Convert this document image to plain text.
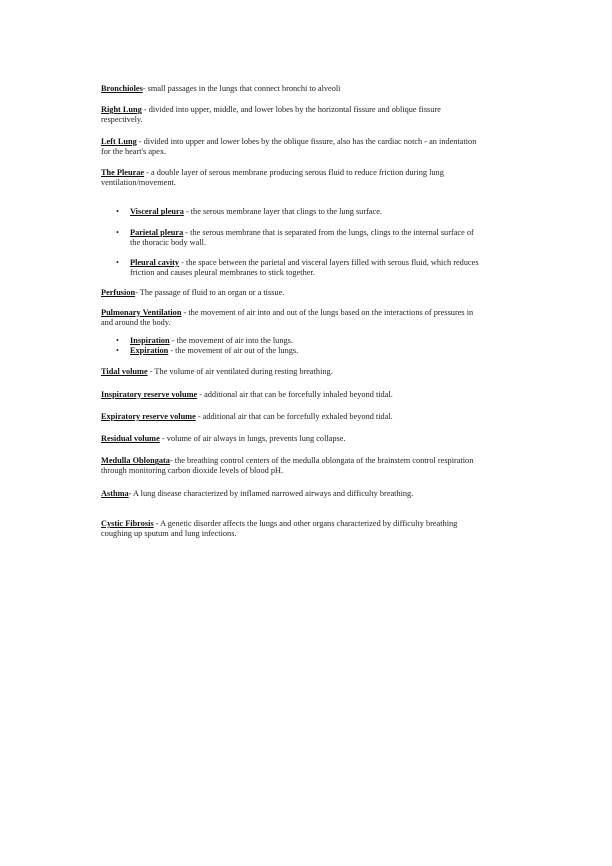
Bronchioles- small passages in the lungs that connect bronchi to alveoli

Right Lung - divided into upper, middle, and lower lobes by the horizontal fissure and oblique fissure respectively.

Left Lung - divided into upper and lower lobes by the oblique fissure, also has the cardiac notch - an indentation for the heart's apex.

The Pleurae - a double layer of serous membrane producing serous fluid to reduce friction during lung ventilation/movement.

• Visceral pleura - the serous membrane layer that clings to the lung surface.
• Parietal pleura - the serous membrane that is separated from the lungs, clings to the internal surface of the thoracic body wall.
• Pleural cavity - the space between the parietal and visceral layers filled with serous fluid, which reduces friction and causes pleural membranes to stick together.

Perfusion- The passage of fluid to an organ or a tissue.

Pulmonary Ventilation - the movement of air into and out of the lungs based on the interactions of pressures in and around the body.

• Inspiration - the movement of air into the lungs.
• Expiration - the movement of air out of the lungs.

Tidal volume - The volume of air ventilated during resting breathing.

Inspiratory reserve volume - additional air that can be forcefully inhaled beyond tidal.

Expiratory reserve volume - additional air that can be forcefully exhaled beyond tidal.

Residual volume - volume of air always in lungs, prevents lung collapse.

Medulla Oblongata- the breathing control centers of the medulla oblongata of the brainstem control respiration through monitoring carbon dioxide levels of blood pH.

Asthma- A lung disease characterized by inflamed narrowed airways and difficulty breathing.

Cystic Fibrosis - A genetic disorder affects the lungs and other organs characterized by difficulty breathing coughing up sputum and lung infections.
